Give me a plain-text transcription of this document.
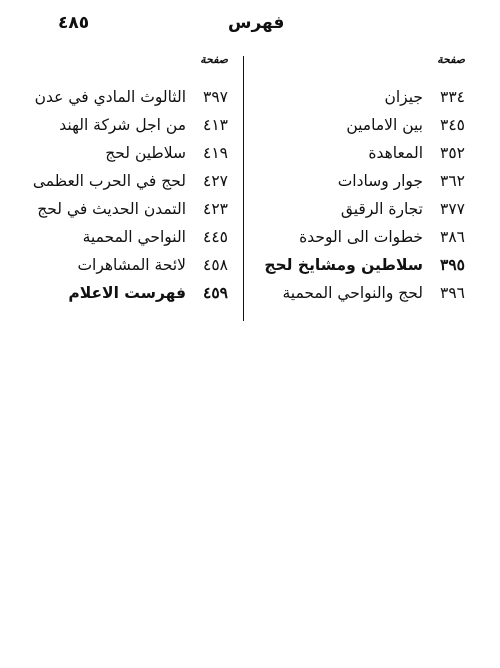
فهرس
٤٨٥
صفحة
٣٣٤جيزان
٣٤٥بين الامامين
٣٥٢المعاهدة
٣٦٢جوار وسادات
٣٧٧تجارة الرقيق
٣٨٦خطوات الى الوحدة
٣٩٥سلاطين ومشايخ لحج
٣٩٦لحج والنواحي المحمية
صفحة
٣٩٧الثالوث المادي في عدن
٤١٣من اجل شركة الهند
٤١٩سلاطين لحج
٤٢٧لحج في الحرب العظمى
٤٢٣التمدن الحديث في لحج
٤٤٥النواحي المحمية
٤٥٨لائحة المشاهرات
٤٥٩فهرست الاعلام
